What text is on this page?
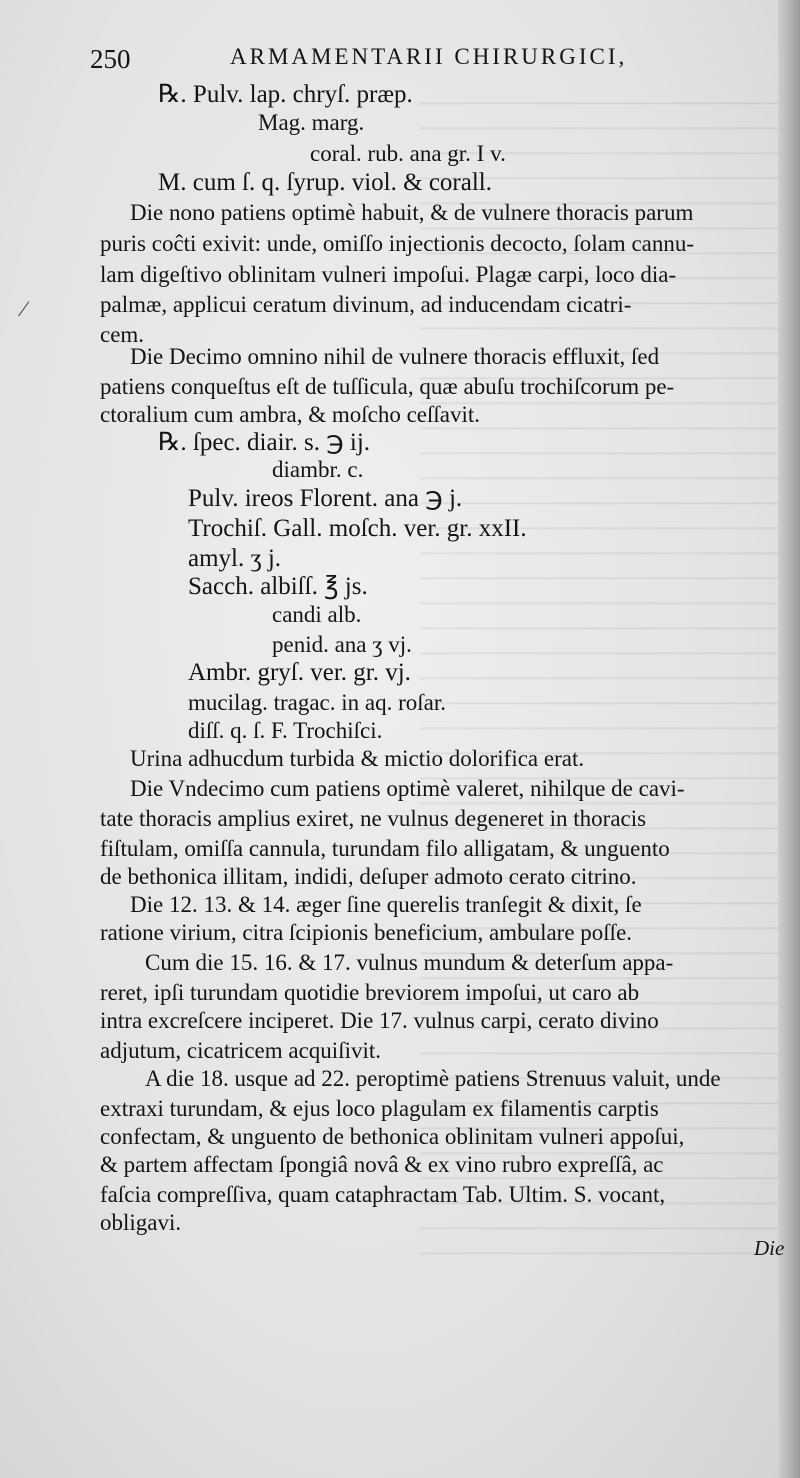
250	ARMAMENTARII CHIRURGICI,
⁄
℞. Pulv. lap. chryſ. præp.
Mag. marg.
coral. rub. ana gr. I v.
M. cum ſ. q. ſyrup. viol. & corall.
Die nono patiens optimè habuit, & de vulnere thoracis parum
puris coĉti exivit: unde, omiſſo injectionis decocto, ſolam cannu-
lam digeſtivo oblinitam vulneri impoſui. Plagæ carpi, loco dia-
palmæ, applicui ceratum divinum, ad inducendam cicatri-
cem.
Die Decimo omnino nihil de vulnere thoracis effluxit, ſed
patiens conqueſtus eſt de tuſſicula, quæ abuſu trochiſcorum pe-
ctoralium cum ambra, & moſcho ceſſavit.
℞. ſpec. diair. s. ℈ ij.
diambr. c.
Pulv. ireos Florent. ana ℈ j.
Trochiſ. Gall. moſch. ver. gr. xxII.
amyl. ʒ j.
Sacch. albiſſ. ℥ js.
candi alb.
penid. ana ʒ vj.
Ambr. gryſ. ver. gr. vj.
mucilag. tragac. in aq. roſar.
diſſ. q. ſ. F. Trochiſci.
Urina adhucdum turbida & mictio dolorifica erat.
Die Vndecimo cum patiens optimè valeret, nihilque de cavi-
tate thoracis amplius exiret, ne vulnus degeneret in thoracis
fiſtulam, omiſſa cannula, turundam filo alligatam, & unguento
de bethonica illitam, indidi, deſuper admoto cerato citrino.
Die 12. 13. & 14. æger ſine querelis tranſegit & dixit, ſe
ratione virium, citra ſcipionis beneficium, ambulare poſſe.
Cum die 15. 16. & 17. vulnus mundum & deterſum appa-
reret, ipſi turundam quotidie breviorem impoſui, ut caro ab
intra excreſcere inciperet. Die 17. vulnus carpi, cerato divino
adjutum, cicatricem acquiſivit.
A die 18. usque ad 22. peroptimè patiens Strenuus valuit, unde
extraxi turundam, & ejus loco plagulam ex filamentis carptis
confectam, & unguento de bethonica oblinitam vulneri appoſui,
& partem affectam ſpongiâ novâ & ex vino rubro expreſſâ, ac
faſcia compreſſiva, quam cataphractam Tab. Ultim. S. vocant,
obligavi.
Die
